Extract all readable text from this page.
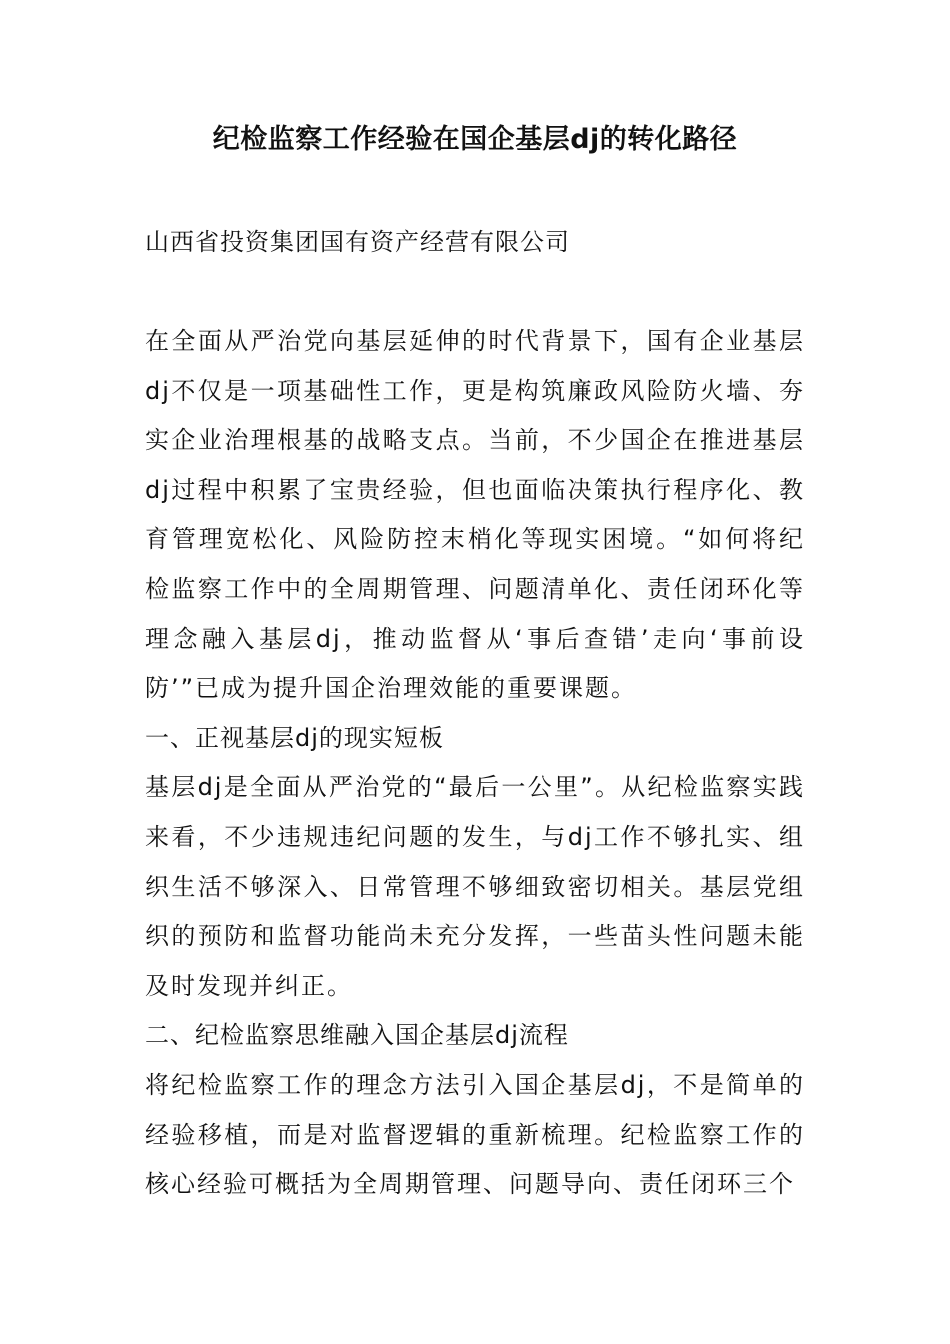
纪检监察工作经验在国企基层dj的转化路径
山西省投资集团国有资产经营有限公司

在全面从严治党向基层延伸的时代背景下，国有企业基层dj不仅是一项基础性工作，更是构筑廉政风险防火墙、夯实企业治理根基的战略支点。当前，不少国企在推进基层dj过程中积累了宝贵经验，但也面临决策执行程序化、教育管理宽松化、风险防控末梢化等现实困境。“如何将纪检监察工作中的全周期管理、问题清单化、责任闭环化等理念融入基层dj，推动监督从‘事后查错’走向‘事前设防’”已成为提升国企治理效能的重要课题。

一、正视基层dj的现实短板

基层dj是全面从严治党的“最后一公里”。从纪检监察实践来看，不少违规违纪问题的发生，与dj工作不够扎实、组织生活不够深入、日常管理不够细致密切相关。基层党组织的预防和监督功能尚未充分发挥，一些苗头性问题未能及时发现并纠正。

二、纪检监察思维融入国企基层dj流程

将纪检监察工作的理念方法引入国企基层dj，不是简单的经验移植，而是对监督逻辑的重新梳理。纪检监察工作的核心经验可概括为全周期管理、问题导向、责任闭环三个
